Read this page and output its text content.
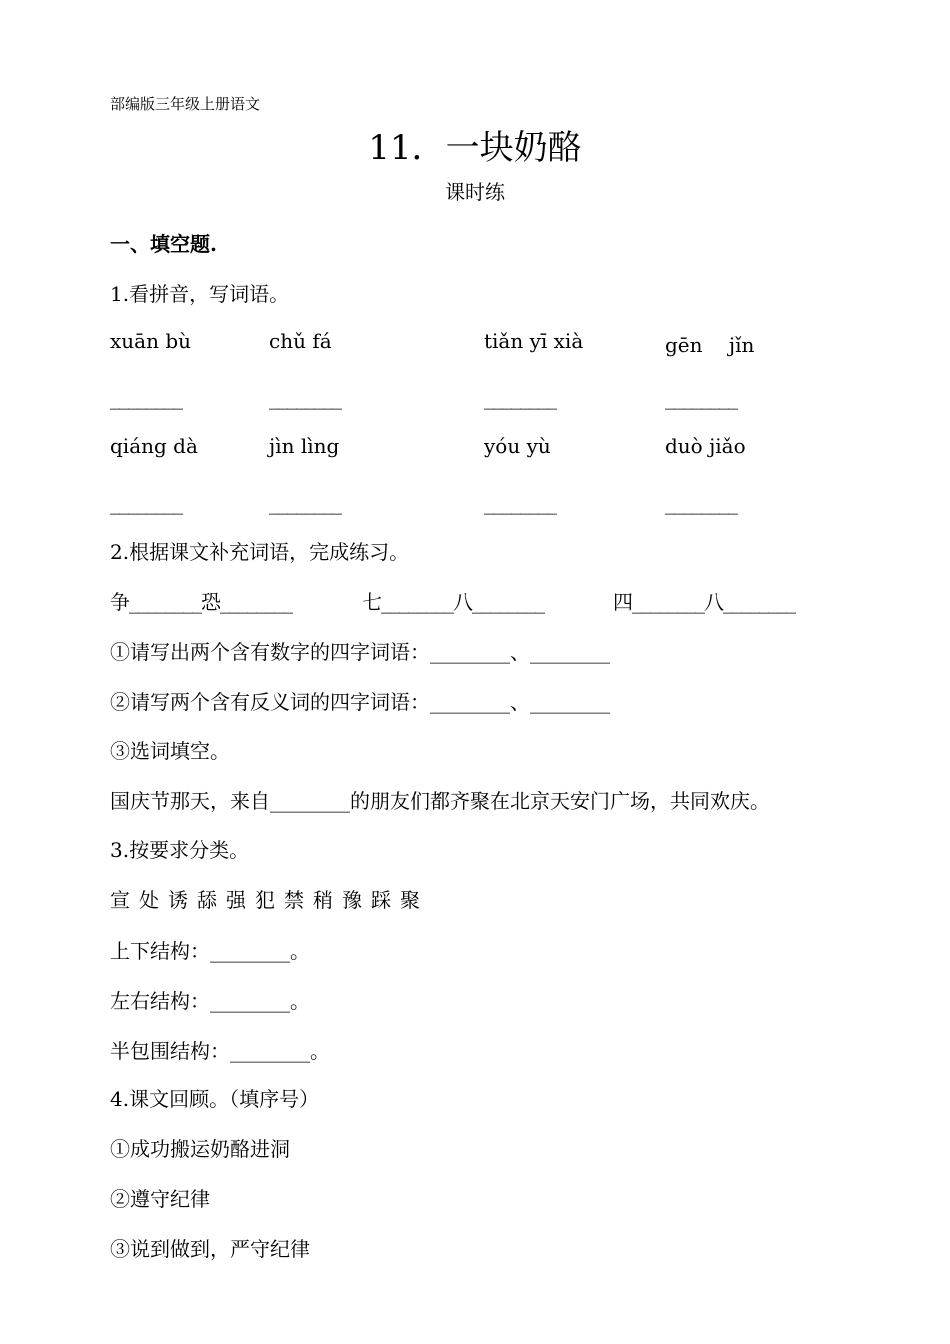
部编版三年级上册语文
11．一块奶酪
课时练
一、填空题.
1.看拼音，写词语。
xuān bù	chǔ fá	tiǎn yī xià	gēn　 jǐn
________	________	________	________
qiáng dà	jìn lìng	yóu yù	duò jiǎo
________	________	________	________
2.根据课文补充词语，完成练习。
争________恐________	七________八________	四________八________
①请写出两个含有数字的四字词语：________、________
②请写两个含有反义词的四字词语：________、________
③选词填空。
国庆节那天，来自________的朋友们都齐聚在北京天安门广场，共同欢庆。
3.按要求分类。
宣 处 诱 舔 强 犯 禁 稍 豫 踩 聚
上下结构：________。
左右结构：________。
半包围结构：________。
4.课文回顾。（填序号）
①成功搬运奶酪进洞
②遵守纪律
③说到做到，严守纪律
